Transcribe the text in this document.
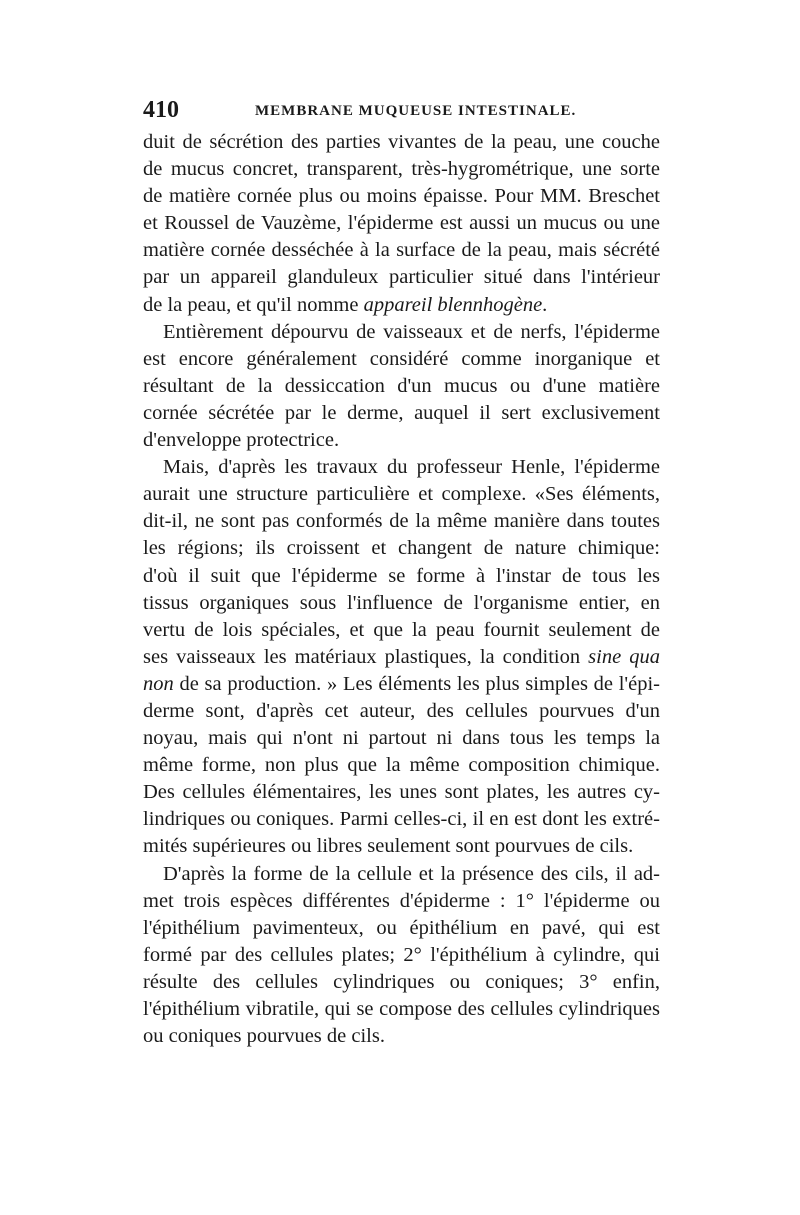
410	MEMBRANE MUQUEUSE INTESTINALE.
duit de sécrétion des parties vivantes de la peau, une couche
de mucus concret, transparent, très-hygrométrique, une sorte
de matière cornée plus ou moins épaisse. Pour MM. Breschet
et Roussel de Vauzème, l'épiderme est aussi un mucus ou une
matière cornée desséchée à la surface de la peau, mais sécrété
par un appareil glanduleux particulier situé dans l'intérieur
de la peau, et qu'il nomme appareil blennhogène.
Entièrement dépourvu de vaisseaux et de nerfs, l'épiderme
est encore généralement considéré comme inorganique et
résultant de la dessiccation d'un mucus ou d'une matière
cornée sécrétée par le derme, auquel il sert exclusivement
d'enveloppe protectrice.
Mais, d'après les travaux du professeur Henle, l'épiderme
aurait une structure particulière et complexe. «Ses éléments,
dit-il, ne sont pas conformés de la même manière dans toutes
les régions; ils croissent et changent de nature chimique:
d'où il suit que l'épiderme se forme à l'instar de tous les
tissus organiques sous l'influence de l'organisme entier, en
vertu de lois spéciales, et que la peau fournit seulement de
ses vaisseaux les matériaux plastiques, la condition sine qua
non de sa production. » Les éléments les plus simples de l'épi-
derme sont, d'après cet auteur, des cellules pourvues d'un
noyau, mais qui n'ont ni partout ni dans tous les temps la
même forme, non plus que la même composition chimique.
Des cellules élémentaires, les unes sont plates, les autres cy-
lindriques ou coniques. Parmi celles-ci, il en est dont les extré-
mités supérieures ou libres seulement sont pourvues de cils.
D'après la forme de la cellule et la présence des cils, il ad-
met trois espèces différentes d'épiderme : 1° l'épiderme ou
l'épithélium pavimenteux, ou épithélium en pavé, qui est
formé par des cellules plates; 2° l'épithélium à cylindre, qui
résulte des cellules cylindriques ou coniques; 3° enfin,
l'épithélium vibratile, qui se compose des cellules cylindriques
ou coniques pourvues de cils.
